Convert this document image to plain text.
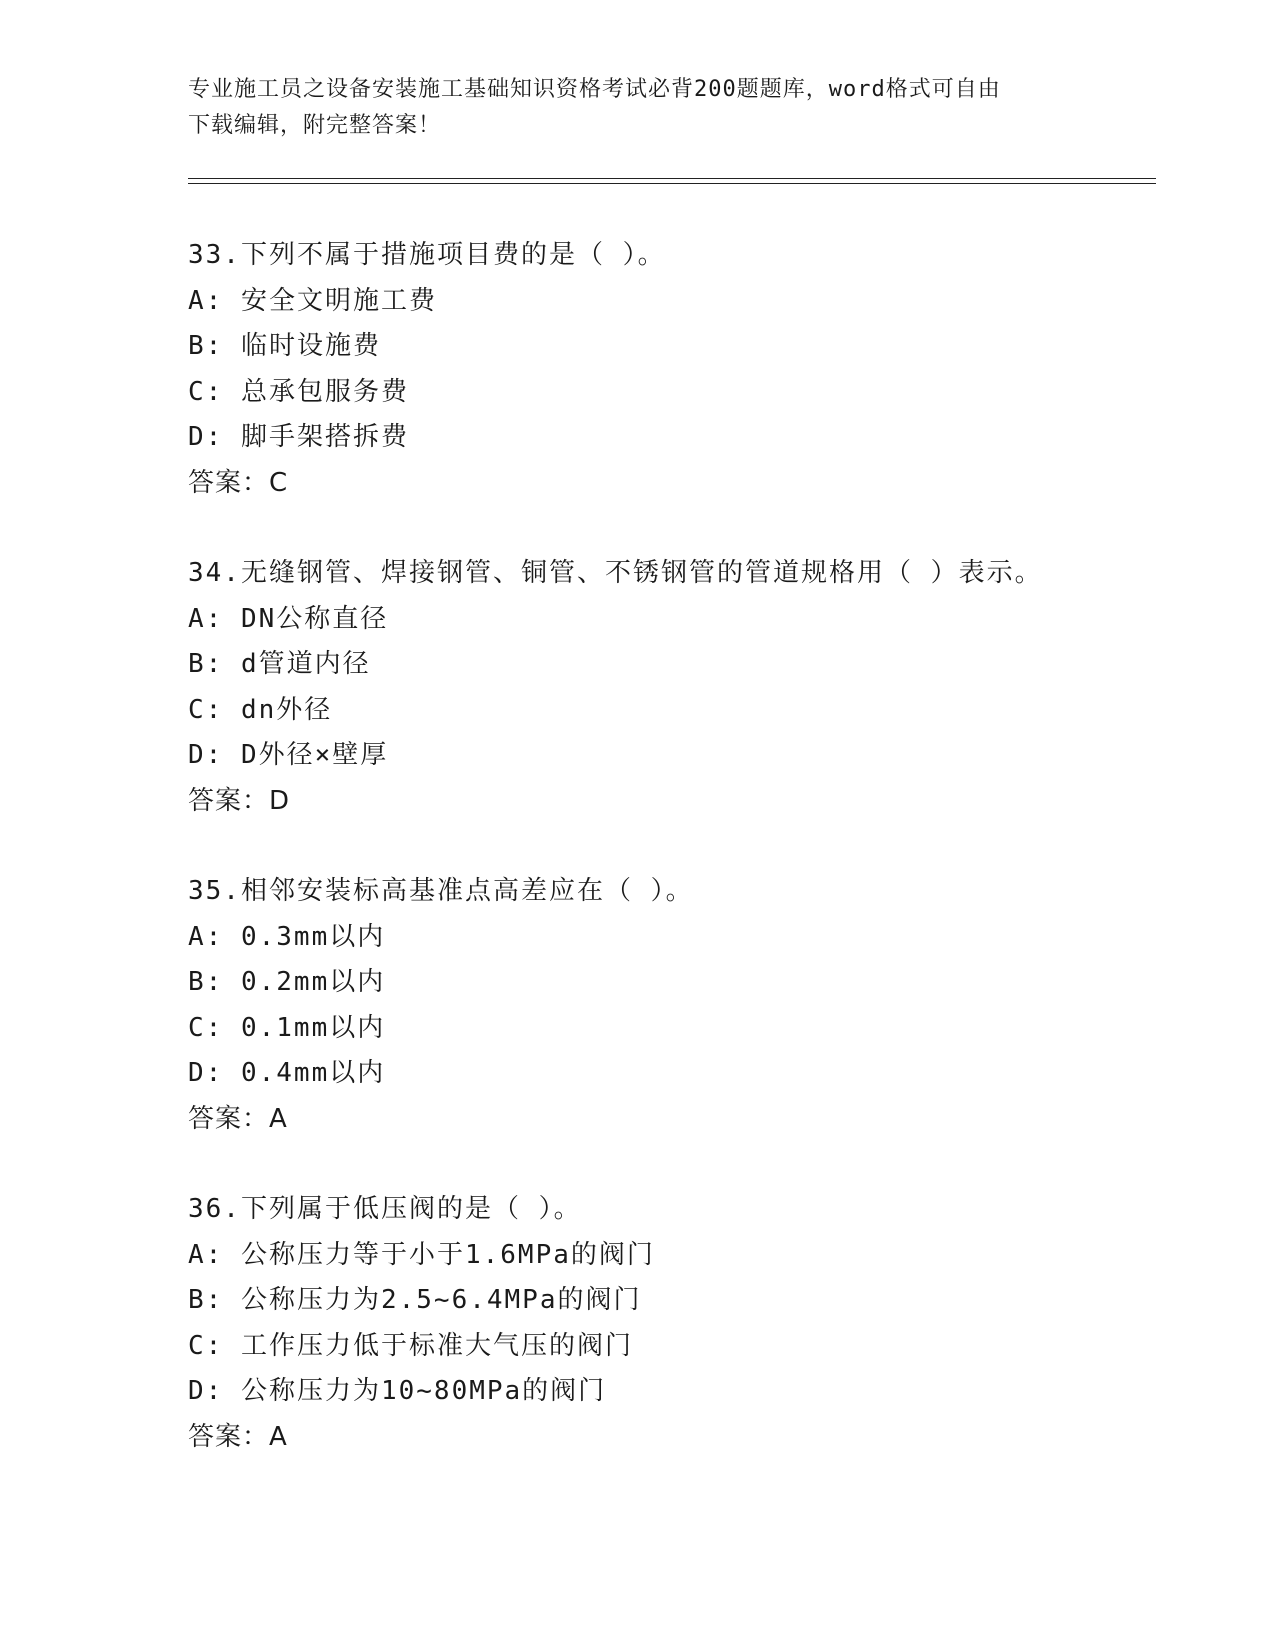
专业施工员之设备安装施工基础知识资格考试必背200题题库，word格式可自由
下载编辑，附完整答案！
33.下列不属于措施项目费的是（ ）。
A: 安全文明施工费
B: 临时设施费
C: 总承包服务费
D: 脚手架搭拆费
答案：C
34.无缝钢管、焊接钢管、铜管、不锈钢管的管道规格用（ ）表示。
A: DN公称直径
B: d管道内径
C: dn外径
D: D外径×壁厚
答案：D
35.相邻安装标高基准点高差应在（ ）。
A: 0.3mm以内
B: 0.2mm以内
C: 0.1mm以内
D: 0.4mm以内
答案：A
36.下列属于低压阀的是（ ）。
A: 公称压力等于小于1.6MPa的阀门
B: 公称压力为2.5~6.4MPa的阀门
C: 工作压力低于标准大气压的阀门
D: 公称压力为10~80MPa的阀门
答案：A
